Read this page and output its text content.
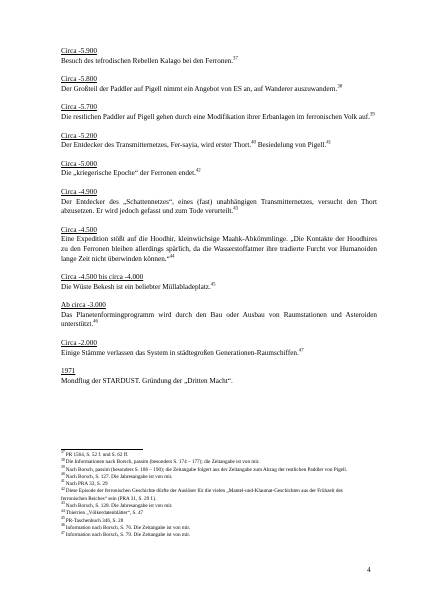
Circa -5.900
Besuch des tefrodischen Rebellen Kalago bei den Ferronen.$^{37}$
Circa -5.800
Der Großteil der Paddler auf Pigell nimmt ein Angebot von ES an, auf Wanderer auszuwandern.$^{38}$
Circa -5.700
Die restlichen Paddler auf Pigell gehen durch eine Modifikation ihrer Erbanlagen im ferronischen Volk auf.$^{39}$
Circa -5.200
Der Entdecker des Transmitternetzes, Fer-sayia, wird erster Thort.$^{40}$ Besiedelung von Pigell.$^{41}$
Circa -5.000
Die „kriegerische Epoche“ der Ferronen endet.$^{42}$
Circa -4.900
Der Entdecker des „Schattennetzes“, eines (fast) unabhängigen Transmitternetzes, versucht den Thort abzusetzen. Er wird jedoch gefasst und zum Tode verurteilt.$^{43}$
Circa -4.500
Eine Expedition stößt auf die Hoodhir, kleinwüchsige Maahk-Abkömmlinge. „Die Kontakte der Hoodhires zu den Ferronen bleiben allerdings spärlich, da die Wasserstoffatmer ihre tradierte Furcht vor Humanoiden lange Zeit nicht überwinden können.“$^{44}$
Circa -4.500 bis circa -4.000
Die Wüste Bekesh ist ein beliebter Müllabladeplatz.$^{45}$
Ab circa -3.000
Das Planetenformingprogramm wird durch den Bau oder Ausbau von Raumstationen und Asteroiden unterstützt.$^{46}$
Circa -2.000
Einige Stämme verlassen das System in städtegroßen Generationen-Raumschiffen.$^{47}$
1971
Mondflug der STARDUST. Gründung der „Dritten Macht“.

$^{37}$PR 1564, S. 52 f. und S. 62 ff.

$^{38}$Die Informationen nach Borsch, passim (besonders S. 174 – 177); die Zeitangabe ist von mir.

$^{39}$Nach Borsch, passim (besonders S. 186 – 190); die Zeitangabe folgert aus der Zeitangabe zum Abzug der restlichen Paddler von Pigell.

$^{40}$Nach Borsch, S. 127. Die Jahresangabe ist von mir.

$^{41}$Nach PRA 33, S. 29

$^{42}$Diese Episode der ferronischen Geschichte dürfte der Auslöser für die vielen „Mantel-und-Klaumat-Geschichten aus der Frühzeit des ferronischen Reiches“ sein (PRA 31, S. 29 f.).

$^{43}$Nach Borsch, S. 128. Die Jahresangabe ist von mir.

$^{44}$Thierrien „Völkerdatenblätter“, S. 47

$^{45}$PR-Taschenbuch 346, S. 28

$^{46}$Information nach Borsch, S. 76. Die Zeitangabe ist von mir.

$^{47}$Information nach Borsch, S. 79. Die Zeitangabe ist von mir.

4
